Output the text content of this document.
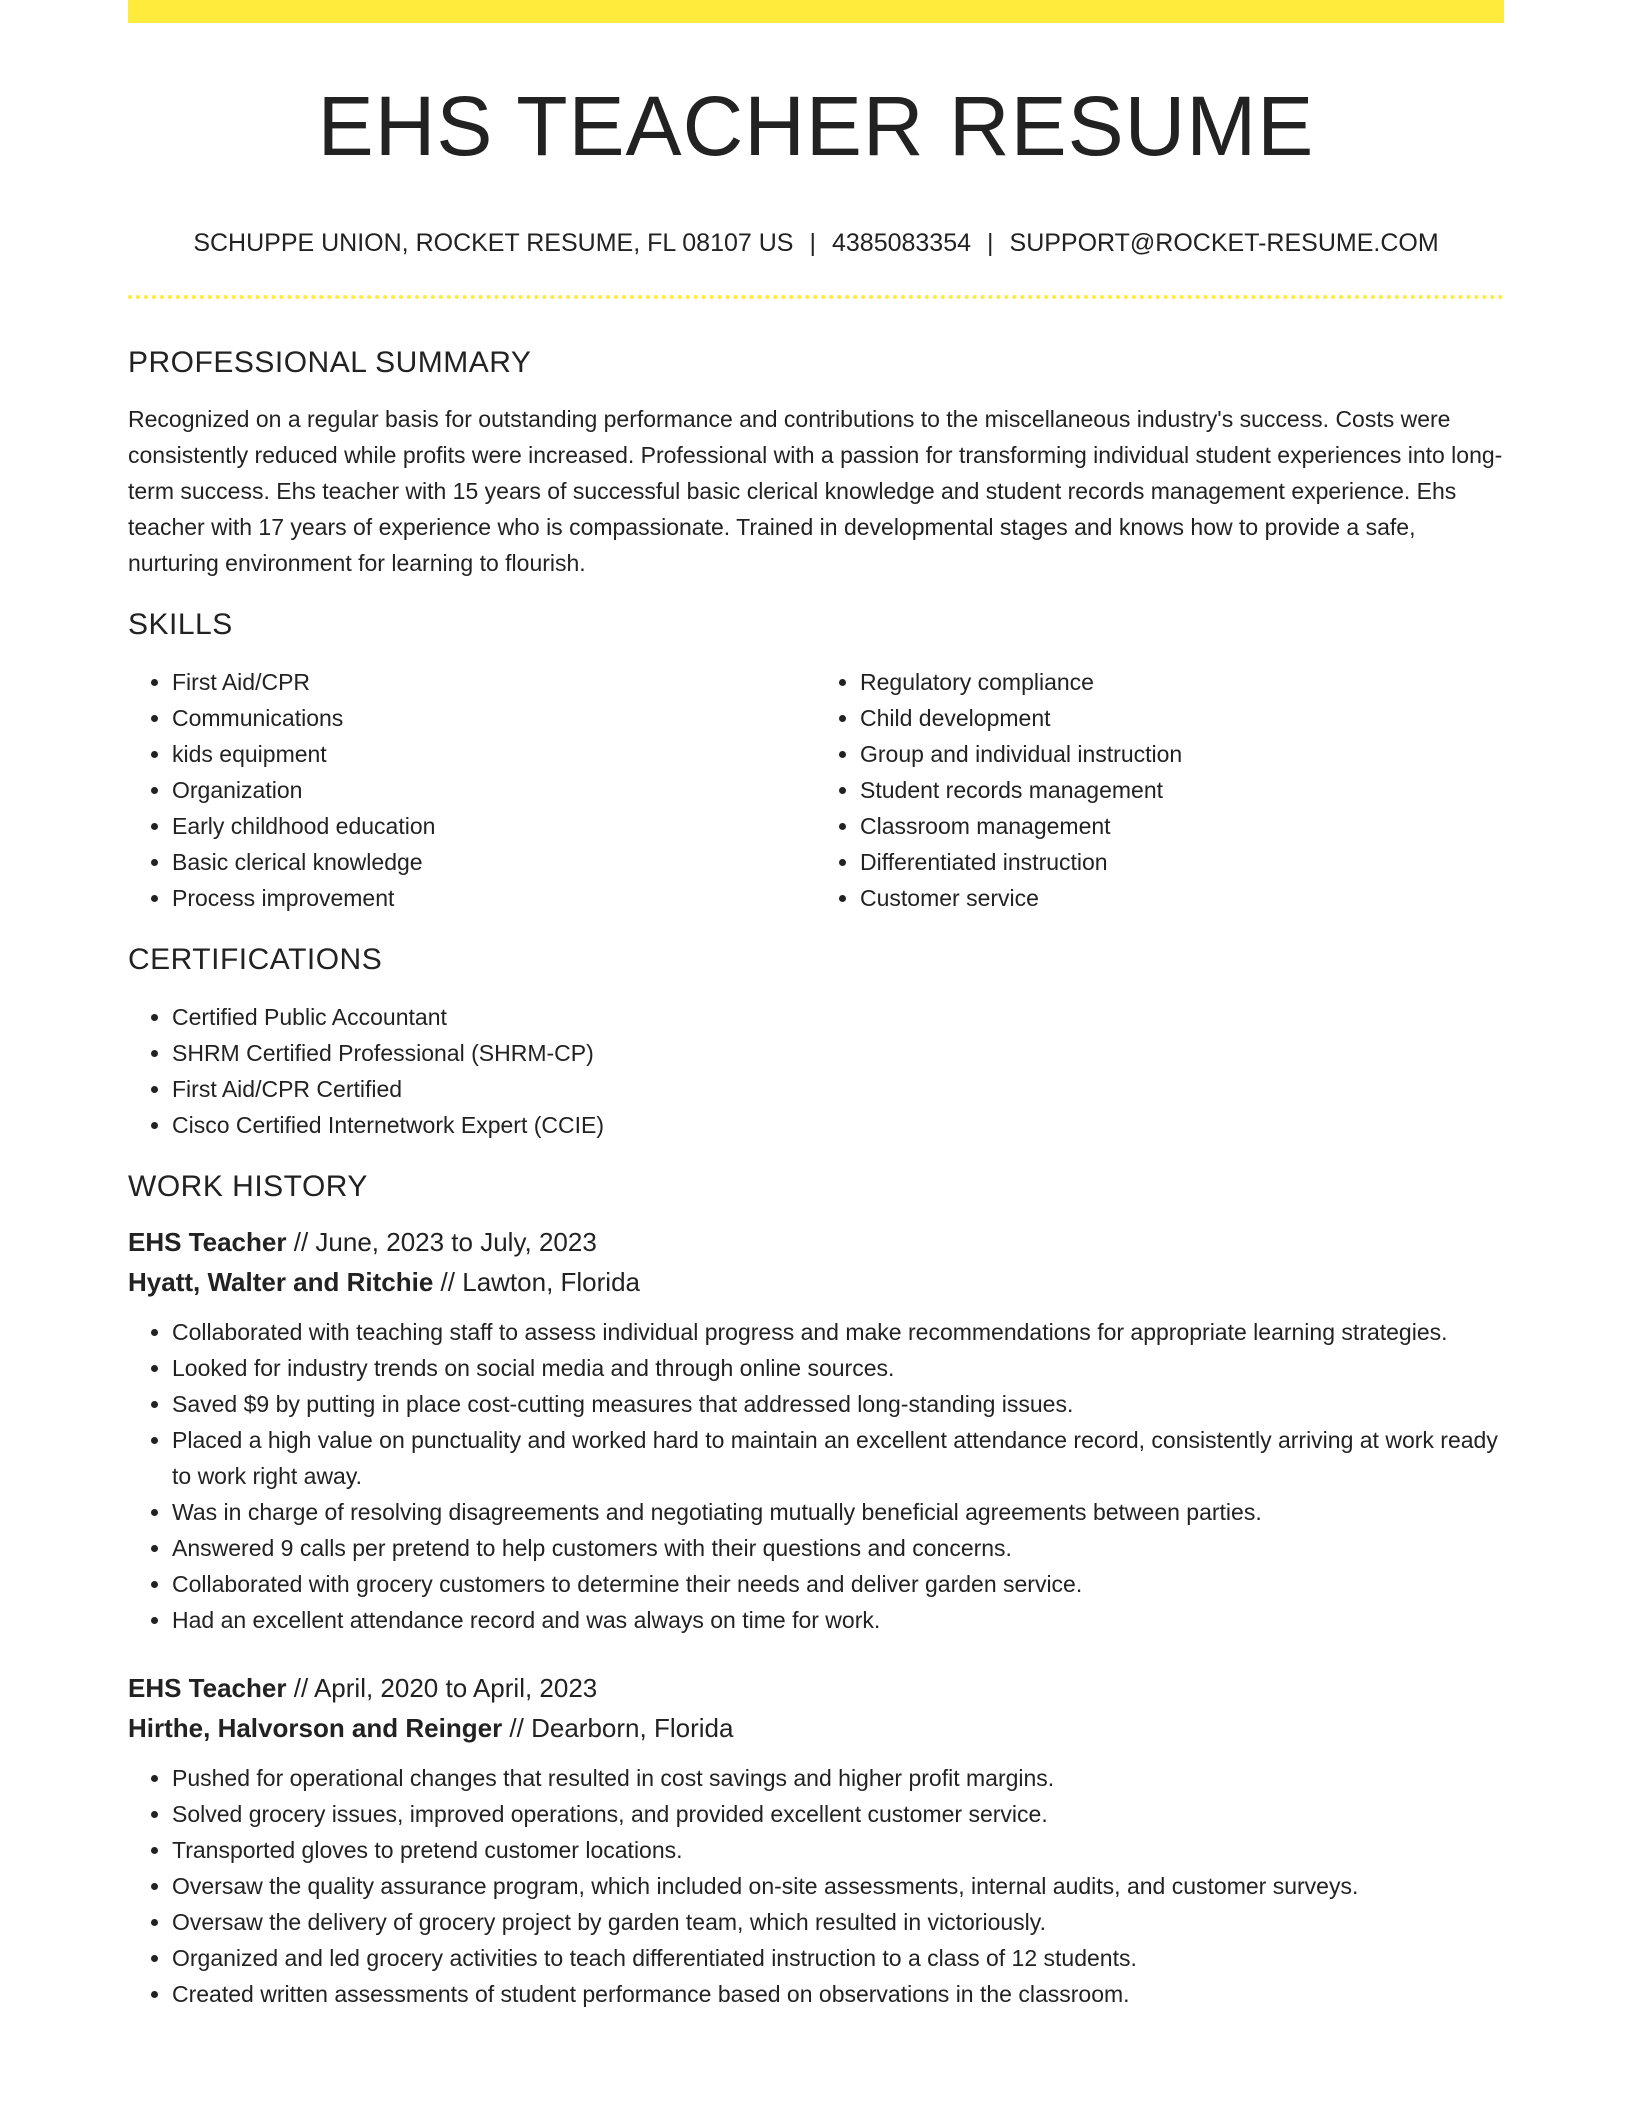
EHS TEACHER RESUME
SCHUPPE UNION, ROCKET RESUME, FL 08107 US | 4385083354 | SUPPORT@ROCKET-RESUME.COM
PROFESSIONAL SUMMARY

Recognized on a regular basis for outstanding performance and contributions to the miscellaneous industry's success. Costs were consistently reduced while profits were increased. Professional with a passion for transforming individual student experiences into long-term success. Ehs teacher with 15 years of successful basic clerical knowledge and student records management experience. Ehs teacher with 17 years of experience who is compassionate. Trained in developmental stages and knows how to provide a safe, nurturing environment for learning to flourish.

SKILLS
• First Aid/CPR
• Communications
• kids equipment
• Organization
• Early childhood education
• Basic clerical knowledge
• Process improvement
• Regulatory compliance
• Child development
• Group and individual instruction
• Student records management
• Classroom management
• Differentiated instruction
• Customer service
CERTIFICATIONS
• Certified Public Accountant
• SHRM Certified Professional (SHRM-CP)
• First Aid/CPR Certified
• Cisco Certified Internetwork Expert (CCIE)
WORK HISTORY
EHS Teacher // June, 2023 to July, 2023
Hyatt, Walter and Ritchie // Lawton, Florida
• Collaborated with teaching staff to assess individual progress and make recommendations for appropriate learning strategies.
• Looked for industry trends on social media and through online sources.
• Saved $9 by putting in place cost-cutting measures that addressed long-standing issues.
• Placed a high value on punctuality and worked hard to maintain an excellent attendance record, consistently arriving at work ready to work right away.
• Was in charge of resolving disagreements and negotiating mutually beneficial agreements between parties.
• Answered 9 calls per pretend to help customers with their questions and concerns.
• Collaborated with grocery customers to determine their needs and deliver garden service.
• Had an excellent attendance record and was always on time for work.
EHS Teacher // April, 2020 to April, 2023
Hirthe, Halvorson and Reinger // Dearborn, Florida
• Pushed for operational changes that resulted in cost savings and higher profit margins.
• Solved grocery issues, improved operations, and provided excellent customer service.
• Transported gloves to pretend customer locations.
• Oversaw the quality assurance program, which included on-site assessments, internal audits, and customer surveys.
• Oversaw the delivery of grocery project by garden team, which resulted in victoriously.
• Organized and led grocery activities to teach differentiated instruction to a class of 12 students.
• Created written assessments of student performance based on observations in the classroom.
